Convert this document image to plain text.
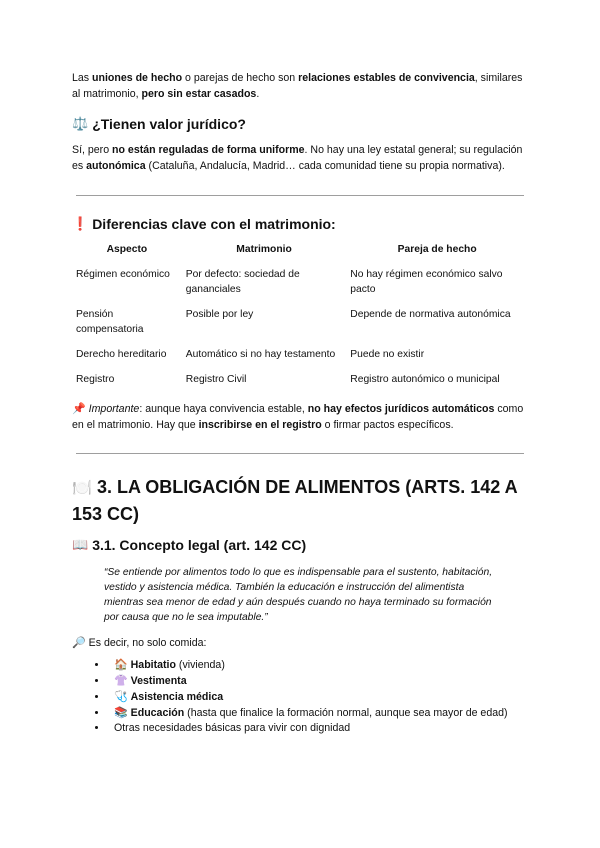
Las uniones de hecho o parejas de hecho son relaciones estables de convivencia, similares al matrimonio, pero sin estar casados.

⚖️ ¿Tienen valor jurídico?

Sí, pero no están reguladas de forma uniforme. No hay una ley estatal general; su regulación es autonómica (Cataluña, Andalucía, Madrid… cada comunidad tiene su propia normativa).

❗ Diferencias clave con el matrimonio:
Aspecto	Matrimonio	Pareja de hecho
Régimen económico	Por defecto: sociedad de gananciales	No hay régimen económico salvo pacto
Pensión compensatoria	Posible por ley	Depende de normativa autonómica
Derecho hereditario	Automático si no hay testamento	Puede no existir
Registro	Registro Civil	Registro autonómico o municipal

📌 Importante: aunque haya convivencia estable, no hay efectos jurídicos automáticos como en el matrimonio. Hay que inscribirse en el registro o firmar pactos específicos.

🍽️ 3. LA OBLIGACIÓN DE ALIMENTOS (ARTS. 142 A 153 CC)
📖 3.1. Concepto legal (art. 142 CC)

“Se entiende por alimentos todo lo que es indispensable para el sustento, habitación, vestido y asistencia médica. También la educación e instrucción del alimentista mientras sea menor de edad y aún después cuando no haya terminado su formación por causa que no le sea imputable.”

🔎 Es decir, no solo comida:

• 🏠 Habitatio (vivienda)
• 👚 Vestimenta
• 🩺 Asistencia médica
• 📚 Educación (hasta que finalice la formación normal, aunque sea mayor de edad)
• Otras necesidades básicas para vivir con dignidad
